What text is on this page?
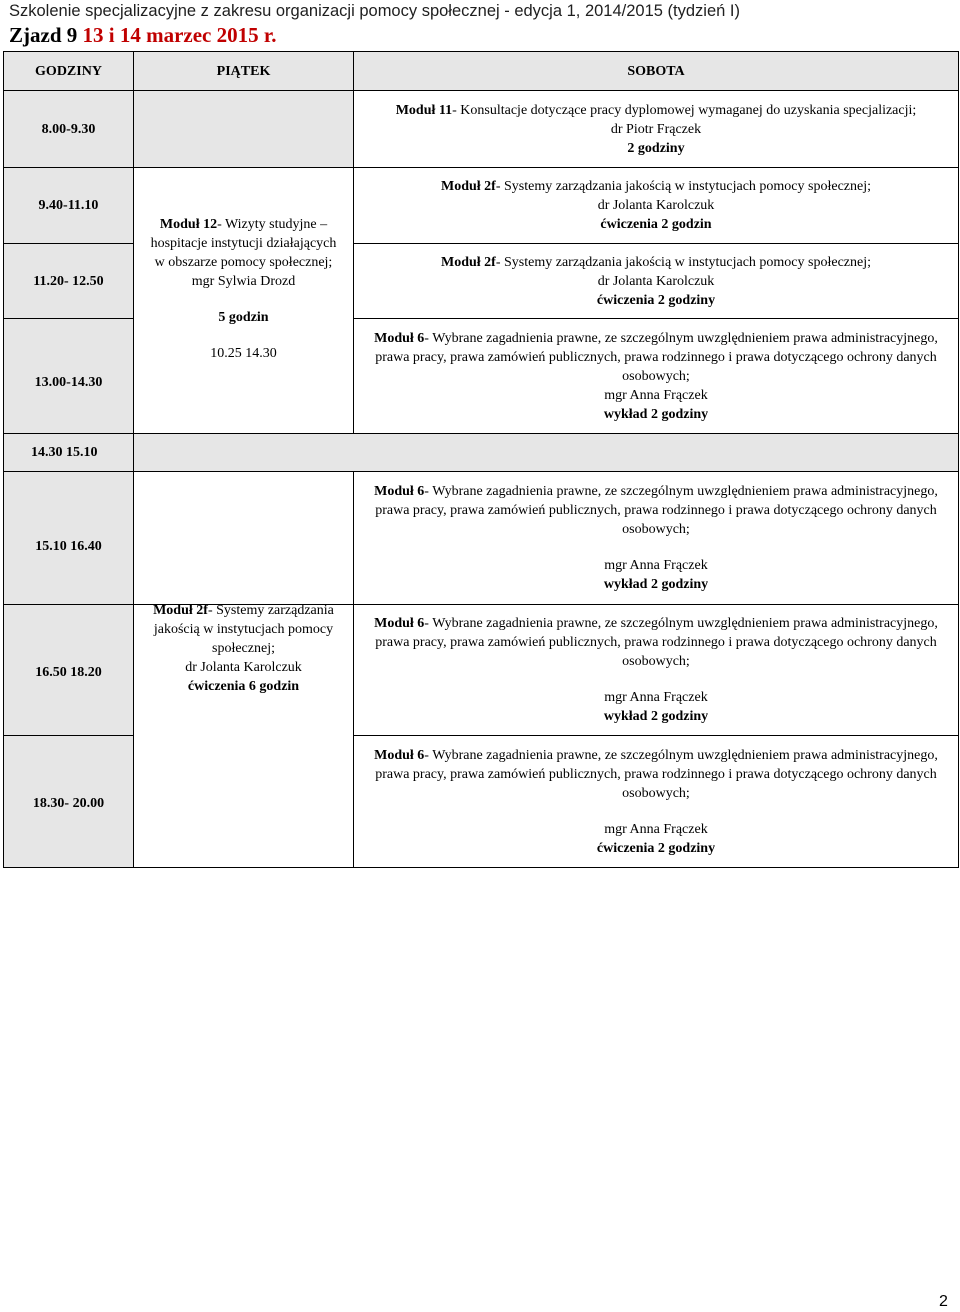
Szkolenie specjalizacyjne z zakresu organizacji pomocy społecznej - edycja 1, 2014/2015 (tydzień I)
Zjazd 9 13 i 14 marzec 2015 r.
GODZINY	PIĄTEK	SOBOTA
8.00-9.30
9.40-11.10
11.20- 12.50
13.00-14.30
14.30 15.10
15.10 16.40
16.50 18.20
18.30- 20.00

Moduł 12- Wizyty studyjne – hospitacje instytucji działających w obszarze pomocy społecznej;

mgr Sylwia Drozd

5 godzin

10.25 14.30

Moduł 2f- Systemy zarządzania jakością w instytucjach pomocy społecznej;

dr Jolanta Karolczuk

ćwiczenia 6 godzin

Moduł 11- Konsultacje dotyczące pracy dyplomowej wymaganej do uzyskania specjalizacji;

dr Piotr Frączek

2 godziny

Moduł 2f- Systemy zarządzania jakością w instytucjach pomocy społecznej;

dr Jolanta Karolczuk

ćwiczenia 2 godzin

Moduł 2f- Systemy zarządzania jakością w instytucjach pomocy społecznej;

dr Jolanta Karolczuk

ćwiczenia 2 godziny

Moduł 6- Wybrane zagadnienia prawne, ze szczególnym uwzględnieniem prawa administracyjnego, prawa pracy, prawa zamówień publicznych, prawa rodzinnego i prawa dotyczącego ochrony danych osobowych;

mgr Anna Frączek

wykład 2 godziny

Moduł 6- Wybrane zagadnienia prawne, ze szczególnym uwzględnieniem prawa administracyjnego, prawa pracy, prawa zamówień publicznych, prawa rodzinnego i prawa dotyczącego ochrony danych osobowych;

mgr Anna Frączek

wykład 2 godziny

Moduł 6- Wybrane zagadnienia prawne, ze szczególnym uwzględnieniem prawa administracyjnego, prawa pracy, prawa zamówień publicznych, prawa rodzinnego i prawa dotyczącego ochrony danych osobowych;

mgr Anna Frączek

wykład 2 godziny

Moduł 6- Wybrane zagadnienia prawne, ze szczególnym uwzględnieniem prawa administracyjnego, prawa pracy, prawa zamówień publicznych, prawa rodzinnego i prawa dotyczącego ochrony danych osobowych;

mgr Anna Frączek

ćwiczenia 2 godziny

2
